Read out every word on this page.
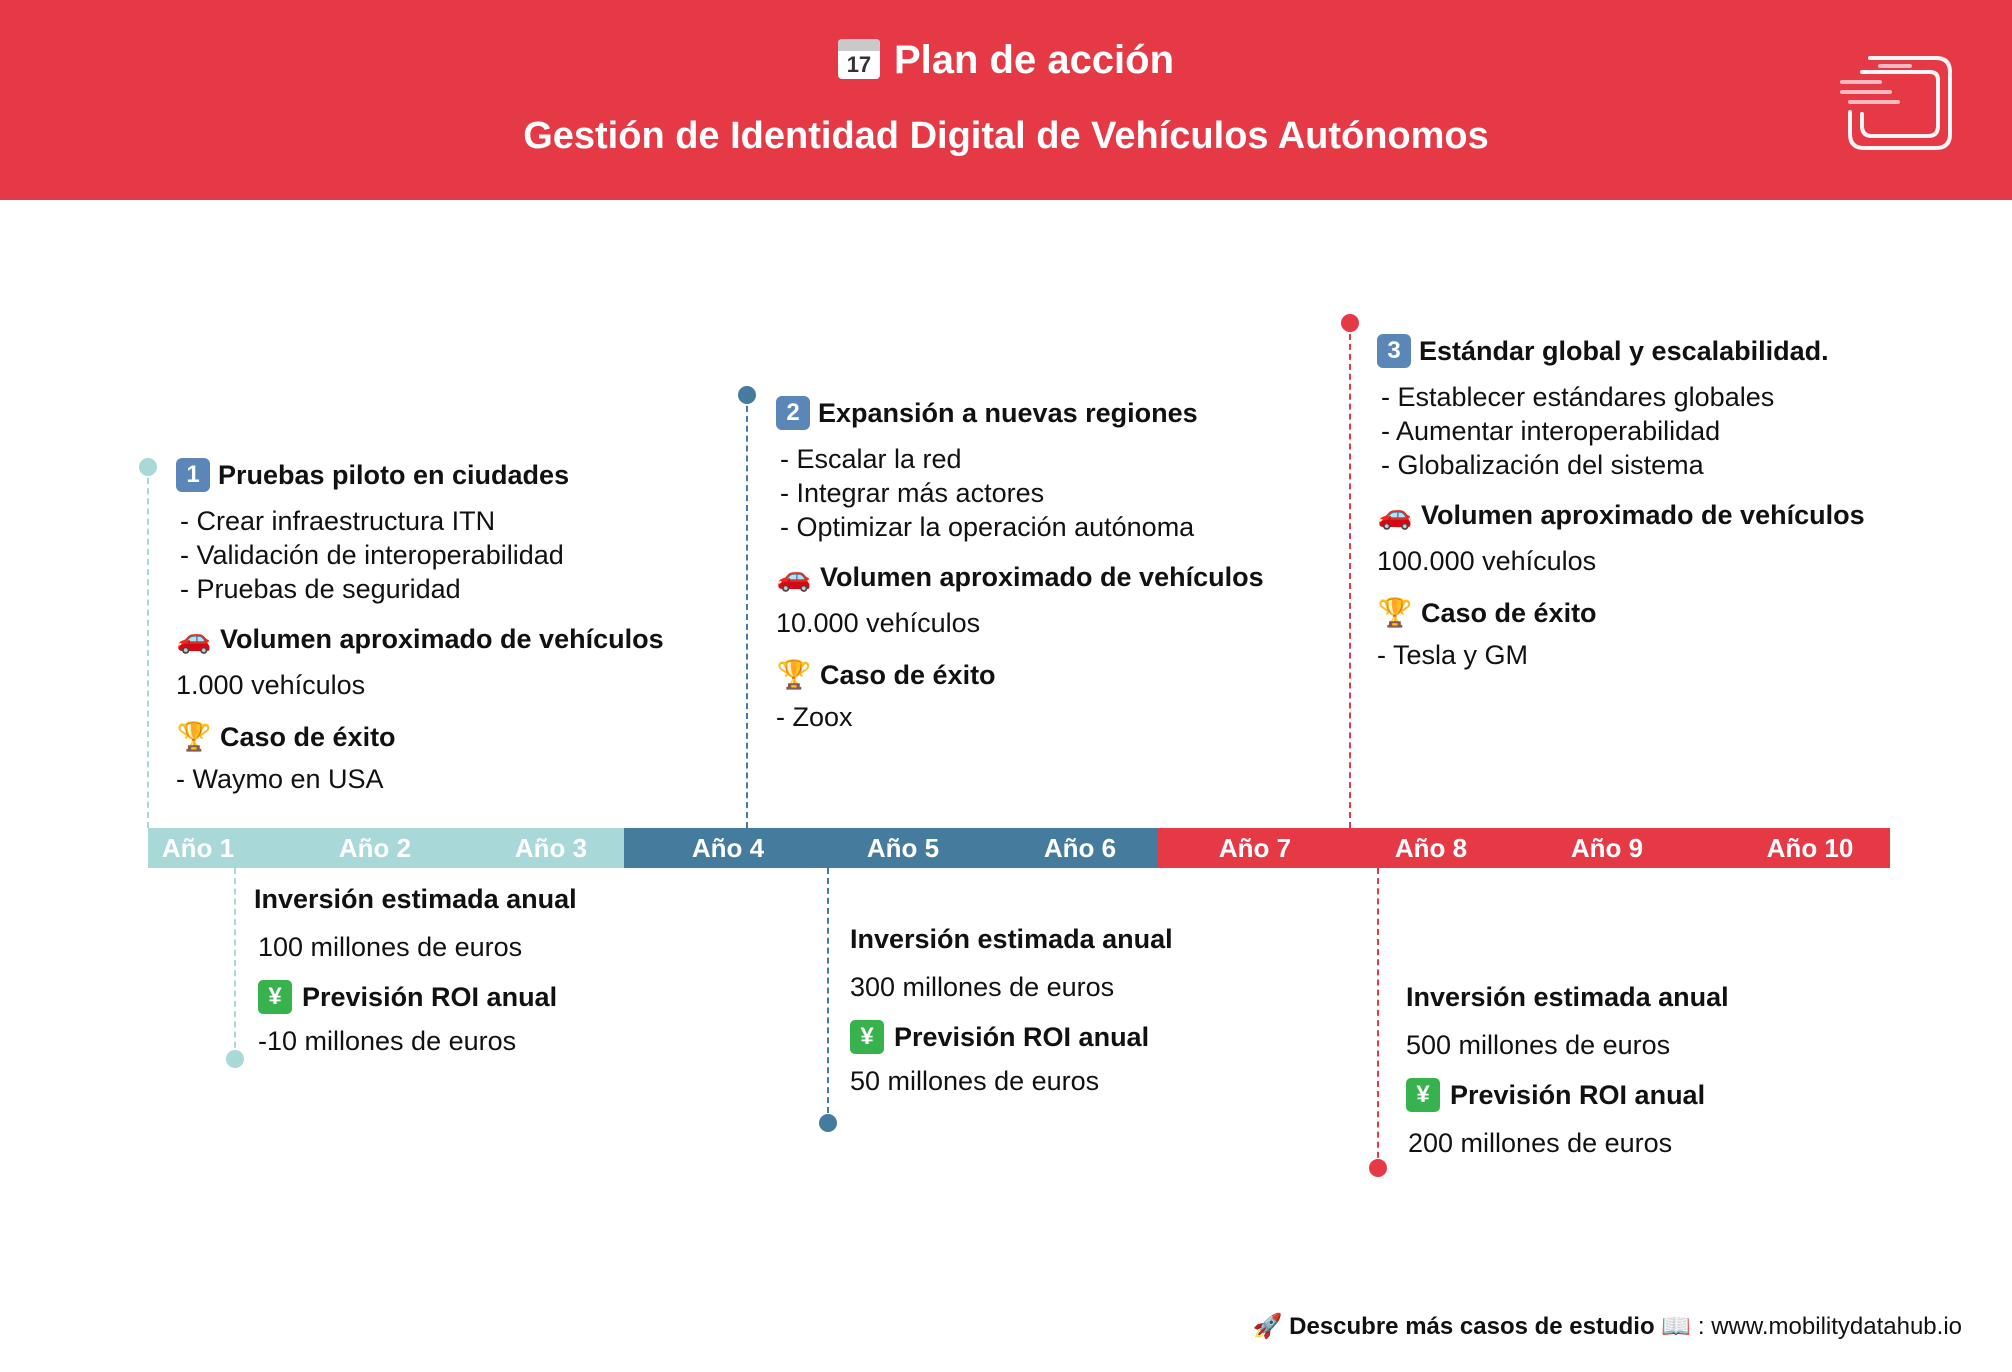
17 Plan de acción
Gestión de Identidad Digital de Vehículos Autónomos
Año 1	Año 2	Año 3	Año 4	Año 5	Año 6	Año 7	Año 8	Año 9	Año 10
1 Pruebas piloto en ciudades
- Crear infraestructura ITN
- Validación de interoperabilidad
- Pruebas de seguridad
🚗 Volumen aproximado de vehículos
1.000 vehículos
🏆 Caso de éxito
- Waymo en USA
2 Expansión a nuevas regiones
- Escalar la red
- Integrar más actores
- Optimizar la operación autónoma
🚗 Volumen aproximado de vehículos
10.000 vehículos
🏆 Caso de éxito
- Zoox
3 Estándar global y escalabilidad.
- Establecer estándares globales
- Aumentar interoperabilidad
- Globalización del sistema
🚗 Volumen aproximado de vehículos
100.000 vehículos
🏆 Caso de éxito
- Tesla y GM
Inversión estimada anual
100 millones de euros
¥ Previsión ROI anual
-10 millones de euros
Inversión estimada anual
300 millones de euros
¥ Previsión ROI anual
50 millones de euros
Inversión estimada anual
500 millones de euros
¥ Previsión ROI anual
200 millones de euros
🚀 Descubre más casos de estudio 📖 : www.mobilitydatahub.io
